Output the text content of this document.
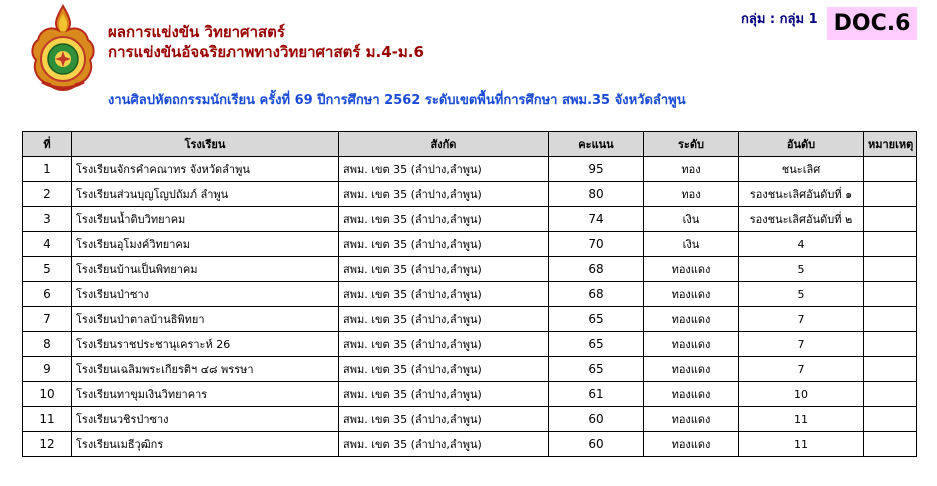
ผลการแข่งขัน วิทยาศาสตร์
การแข่งขันอัจฉริยภาพทางวิทยาศาสตร์ ม.4-ม.6
งานศิลปหัตถกรรมนักเรียน ครั้งที่ 69 ปีการศึกษา 2562 ระดับเขตพื้นที่การศึกษา สพม.35 จังหวัดลำพูน
กลุ่ม : กลุ่ม 1 DOC.6
ที่	โรงเรียน	สังกัด	คะแนน	ระดับ	อันดับ	หมายเหตุ
1	โรงเรียนจักรคำคณาทร จังหวัดลำพูน	สพม. เขต 35 (ลำปาง,ลำพูน)	95	ทอง	ชนะเลิศ	
2	โรงเรียนส่วนบุญโญปถัมภ์ ลำพูน	สพม. เขต 35 (ลำปาง,ลำพูน)	80	ทอง	รองชนะเลิศอันดับที่ ๑	
3	โรงเรียนน้ำดิบวิทยาคม	สพม. เขต 35 (ลำปาง,ลำพูน)	74	เงิน	รองชนะเลิศอันดับที่ ๒	
4	โรงเรียนอุโมงค์วิทยาคม	สพม. เขต 35 (ลำปาง,ลำพูน)	70	เงิน	4	
5	โรงเรียนบ้านเป็นพิทยาคม	สพม. เขต 35 (ลำปาง,ลำพูน)	68	ทองแดง	5	
6	โรงเรียนป่าซาง	สพม. เขต 35 (ลำปาง,ลำพูน)	68	ทองแดง	5	
7	โรงเรียนป่าตาลบ้านธิพิทยา	สพม. เขต 35 (ลำปาง,ลำพูน)	65	ทองแดง	7	
8	โรงเรียนราชประชานุเคราะห์ 26	สพม. เขต 35 (ลำปาง,ลำพูน)	65	ทองแดง	7	
9	โรงเรียนเฉลิมพระเกียรติฯ ๔๘ พรรษา	สพม. เขต 35 (ลำปาง,ลำพูน)	65	ทองแดง	7	
10	โรงเรียนทาขุมเงินวิทยาคาร	สพม. เขต 35 (ลำปาง,ลำพูน)	61	ทองแดง	10	
11	โรงเรียนวชิรป่าซาง	สพม. เขต 35 (ลำปาง,ลำพูน)	60	ทองแดง	11	
12	โรงเรียนเมธีวุฒิกร	สพม. เขต 35 (ลำปาง,ลำพูน)	60	ทองแดง	11	
